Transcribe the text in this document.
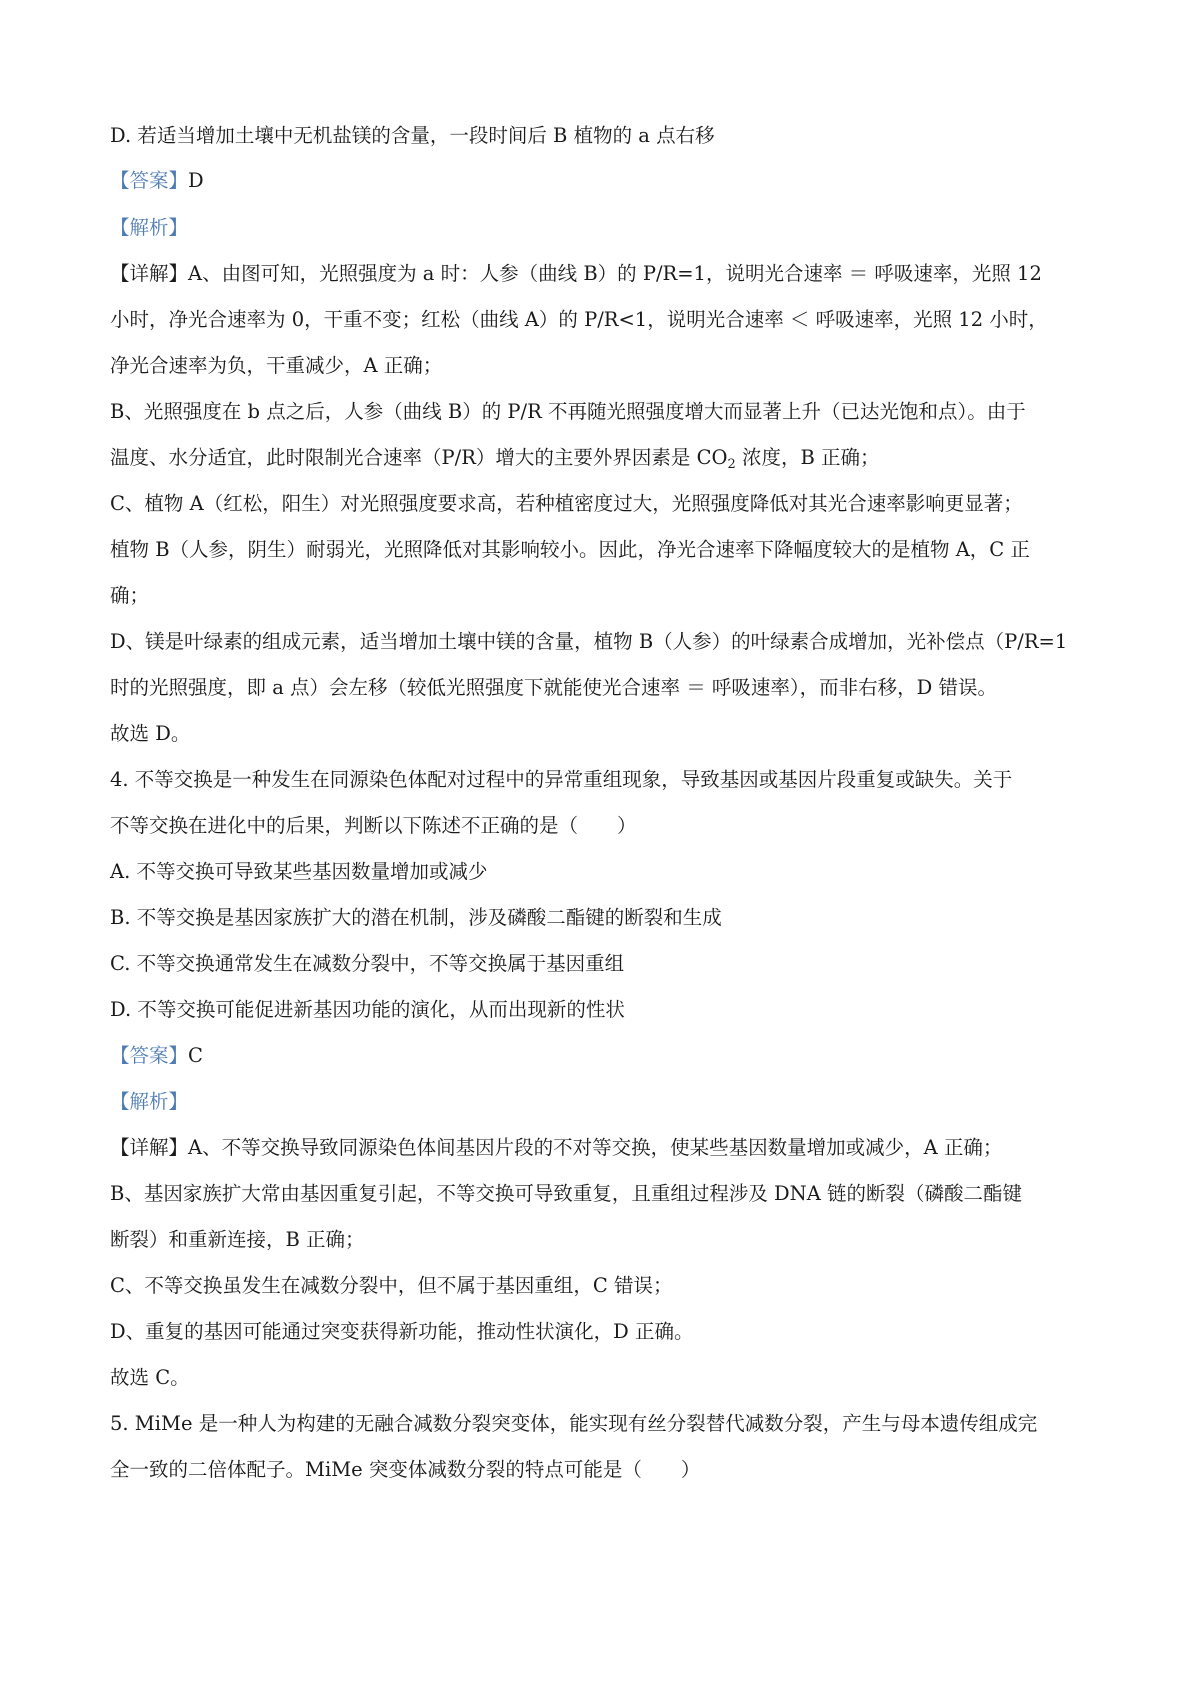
D. 若适当增加土壤中无机盐镁的含量，一段时间后 B 植物的 a 点右移
【答案】D
【解析】
【详解】A、由图可知，光照强度为 a 时：人参（曲线 B）的 P/R=1，说明光合速率 ＝ 呼吸速率，光照 12
小时，净光合速率为 0，干重不变；红松（曲线 A）的 P/R<1，说明光合速率 ＜ 呼吸速率，光照 12 小时，
净光合速率为负，干重减少，A 正确；
B、光照强度在 b 点之后，人参（曲线 B）的 P/R 不再随光照强度增大而显著上升（已达光饱和点）。由于
温度、水分适宜，此时限制光合速率（P/R）增大的主要外界因素是 $CO_2$ 浓度，B 正确；
C、植物 A（红松，阳生）对光照强度要求高，若种植密度过大，光照强度降低对其光合速率影响更显著；
植物 B（人参，阴生）耐弱光，光照降低对其影响较小。因此，净光合速率下降幅度较大的是植物 A，C 正
确；
D、镁是叶绿素的组成元素，适当增加土壤中镁的含量，植物 B（人参）的叶绿素合成增加，光补偿点（P/R=1
时的光照强度，即 a 点）会左移（较低光照强度下就能使光合速率 ＝ 呼吸速率），而非右移，D 错误。
故选 D。
4. 不等交换是一种发生在同源染色体配对过程中的异常重组现象，导致基因或基因片段重复或缺失。关于
不等交换在进化中的后果，判断以下陈述不正确的是（　　）
A. 不等交换可导致某些基因数量增加或减少
B. 不等交换是基因家族扩大的潜在机制，涉及磷酸二酯键的断裂和生成
C. 不等交换通常发生在减数分裂中，不等交换属于基因重组
D. 不等交换可能促进新基因功能的演化，从而出现新的性状
【答案】C
【解析】
【详解】A、不等交换导致同源染色体间基因片段的不对等交换，使某些基因数量增加或减少，A 正确；
B、基因家族扩大常由基因重复引起，不等交换可导致重复，且重组过程涉及 DNA 链的断裂（磷酸二酯键
断裂）和重新连接，B 正确；
C、不等交换虽发生在减数分裂中，但不属于基因重组，C 错误；
D、重复的基因可能通过突变获得新功能，推动性状演化，D 正确。
故选 C。
5. MiMe 是一种人为构建的无融合减数分裂突变体，能实现有丝分裂替代减数分裂，产生与母本遗传组成完
全一致的二倍体配子。MiMe 突变体减数分裂的特点可能是（　　）
